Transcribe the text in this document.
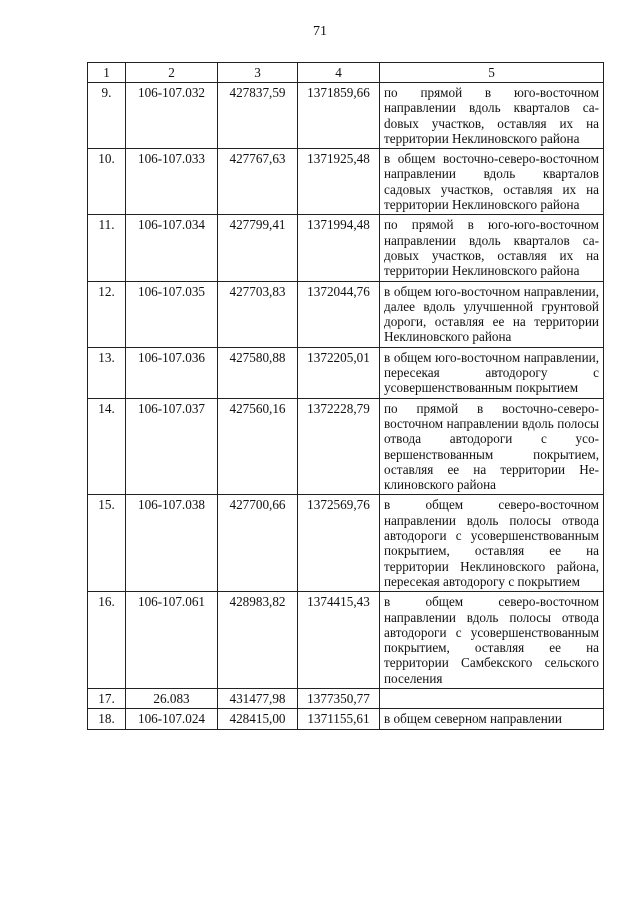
71
1	2	3	4	5
9.	106-107.032	427837,59	1371859,66	по прямой в юго-восточном направлении вдоль кварталов саdовых участков, оставляя их на территории Неклиновского района
10.	106-107.033	427767,63	1371925,48	в общем восточно-северо-восточном направлении вдоль кварталов садовых участков, оставляя их на территории Неклиновского района
11.	106-107.034	427799,41	1371994,48	по прямой в юго-юго-восточном направлении вдоль кварталов садовых участков, оставляя их на территории Неклиновского района
12.	106-107.035	427703,83	1372044,76	в общем юго-восточном направлении, далее вдоль улучшенной грунтовой дороги, оставляя ее на территории Неклиновского района
13.	106-107.036	427580,88	1372205,01	в общем юго-восточном направлении, пересекая автодорогу с усовершенствованным покрытием
14.	106-107.037	427560,16	1372228,79	по прямой в восточно-северо-восточном направлении вдоль полосы отвода автодороги с усовершенствованным покрытием, оставляя ее на территории Неклиновского района
15.	106-107.038	427700,66	1372569,76	в общем северо-восточном направлении вдоль полосы отвода автодороги с усовершенствованным покрытием, оставляя ее на территории Неклиновского района, пересекая автодорогу с покрытием
16.	106-107.061	428983,82	1374415,43	в общем северо-восточном направлении вдоль полосы отвода автодороги с усовершенствованным покрытием, оставляя ее на территории Самбекского сельского поселения
17.	26.083	431477,98	1377350,77	
18.	106-107.024	428415,00	1371155,61	в общем северном направлении
